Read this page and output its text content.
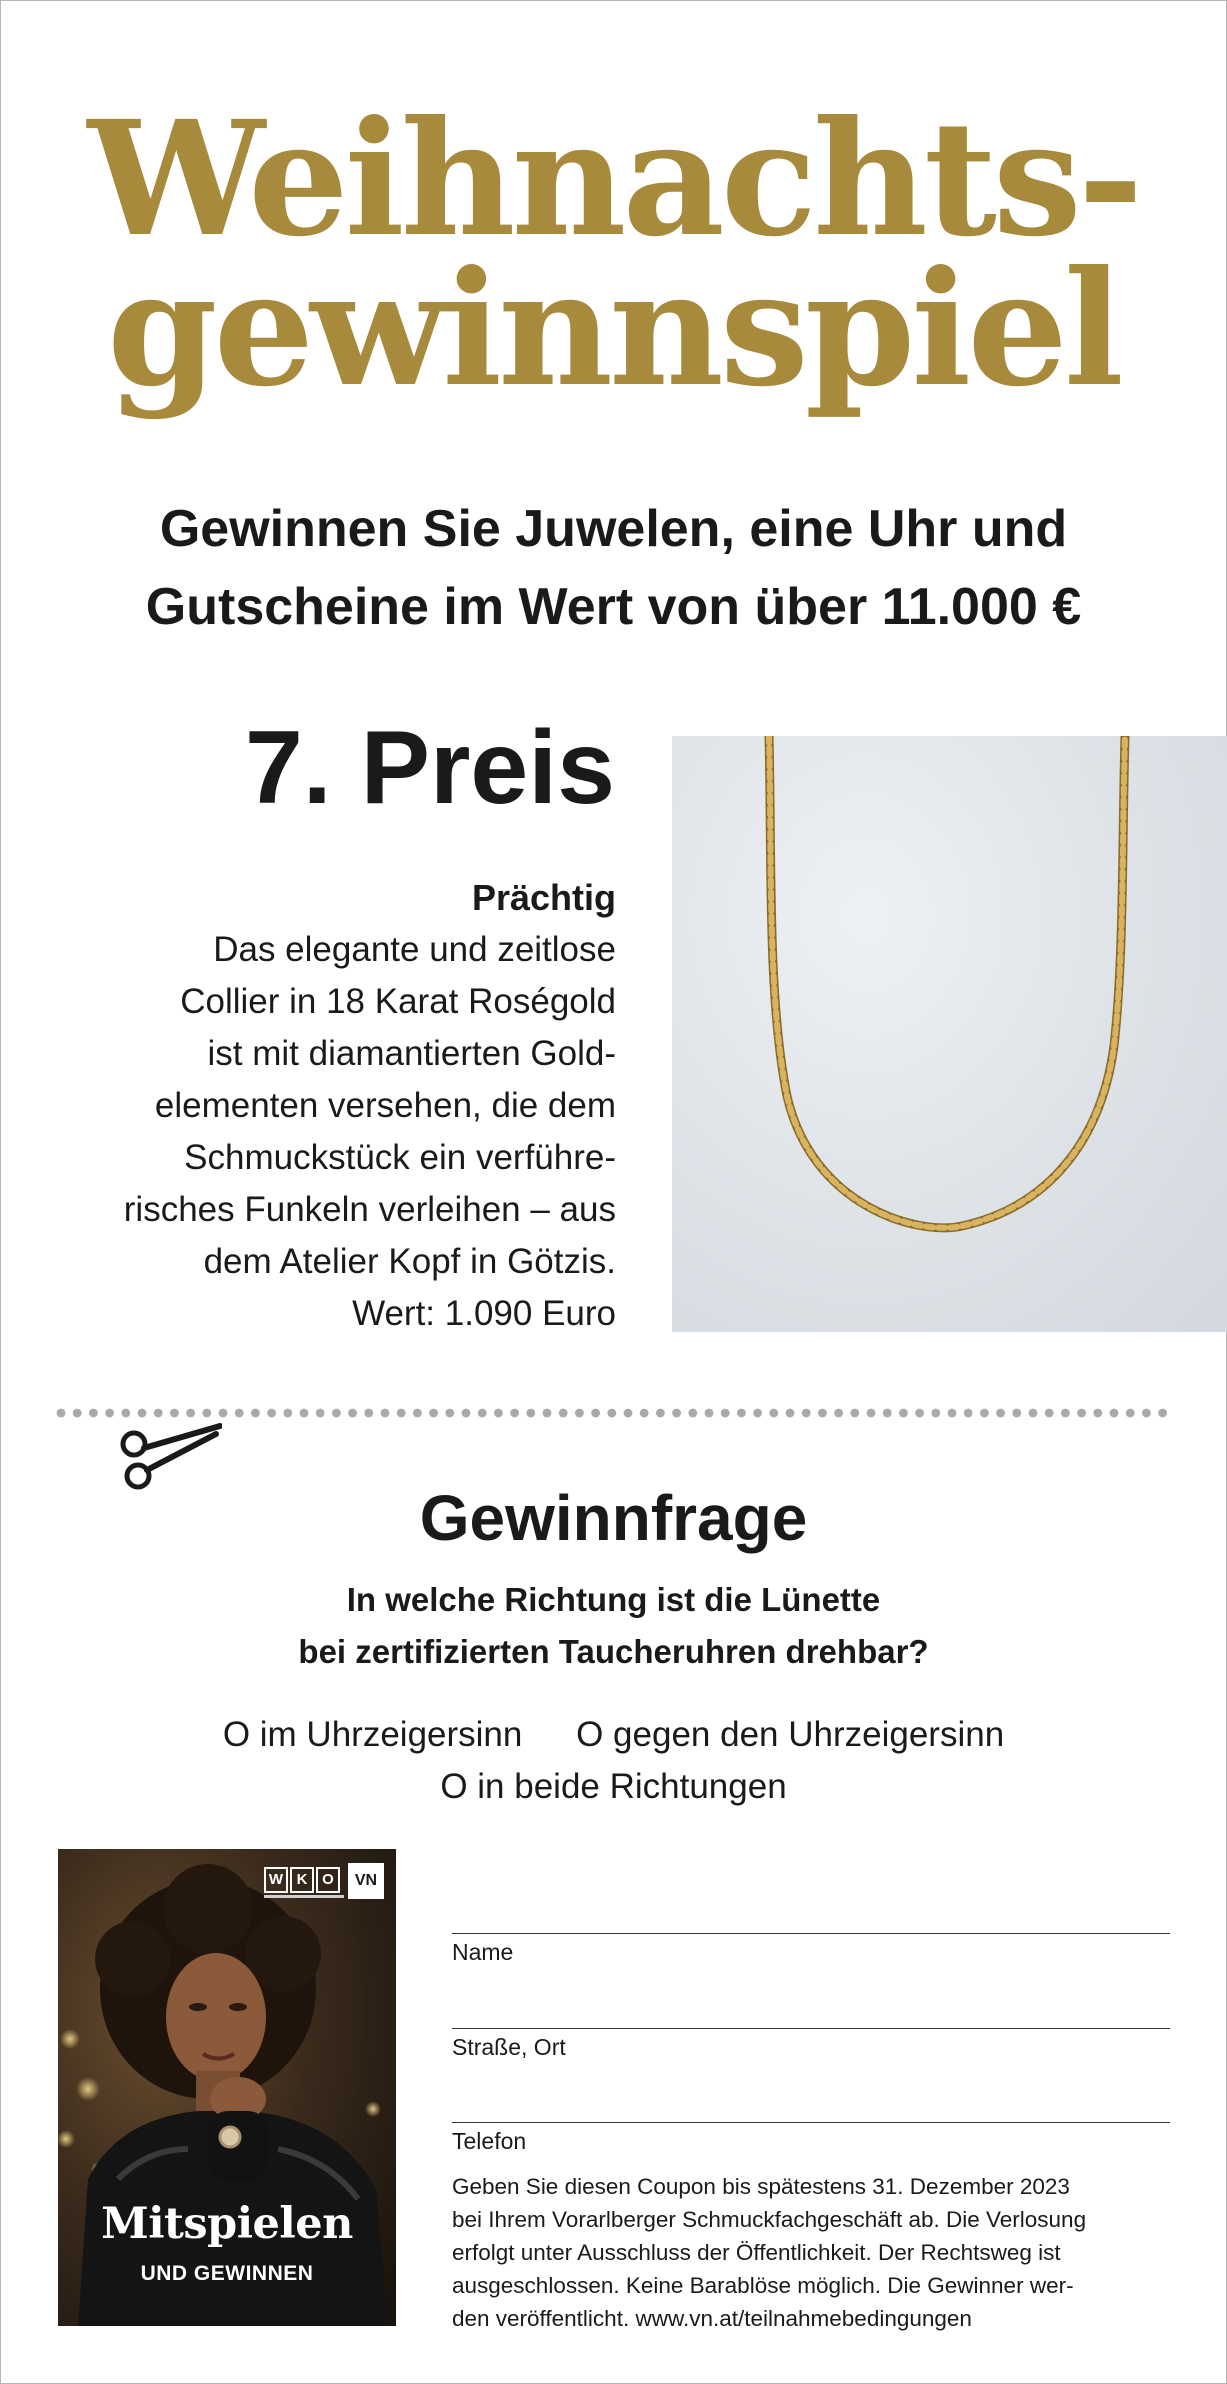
Weihnachts-
gewinnspiel
Gewinnen Sie Juwelen, eine Uhr und
Gutscheine im Wert von über 11.000 €
7. Preis
Prächtig
Das elegante und zeitlose
Collier in 18 Karat Roségold
ist mit diamantierten Gold-
elementen versehen, die dem
Schmuckstück ein verführe-
risches Funkeln verleihen – aus
dem Atelier Kopf in Götzis.
Wert: 1.090 Euro
Gewinnfrage
In welche Richtung ist die Lünette
bei zertifizierten Taucheruhren drehbar?
O im Uhrzeigersinn O gegen den Uhrzeigersinn
O in beide Richtungen
W K O	VN
Mitspielen
UND GEWINNEN
Name
Straße, Ort
Telefon
Geben Sie diesen Coupon bis spätestens 31. Dezember 2023
bei Ihrem Vorarlberger Schmuckfachgeschäft ab. Die Verlosung
erfolgt unter Ausschluss der Öffentlichkeit. Der Rechtsweg ist
ausgeschlossen. Keine Barablöse möglich. Die Gewinner wer-
den veröffentlicht. www.vn.at/teilnahmebedingungen
